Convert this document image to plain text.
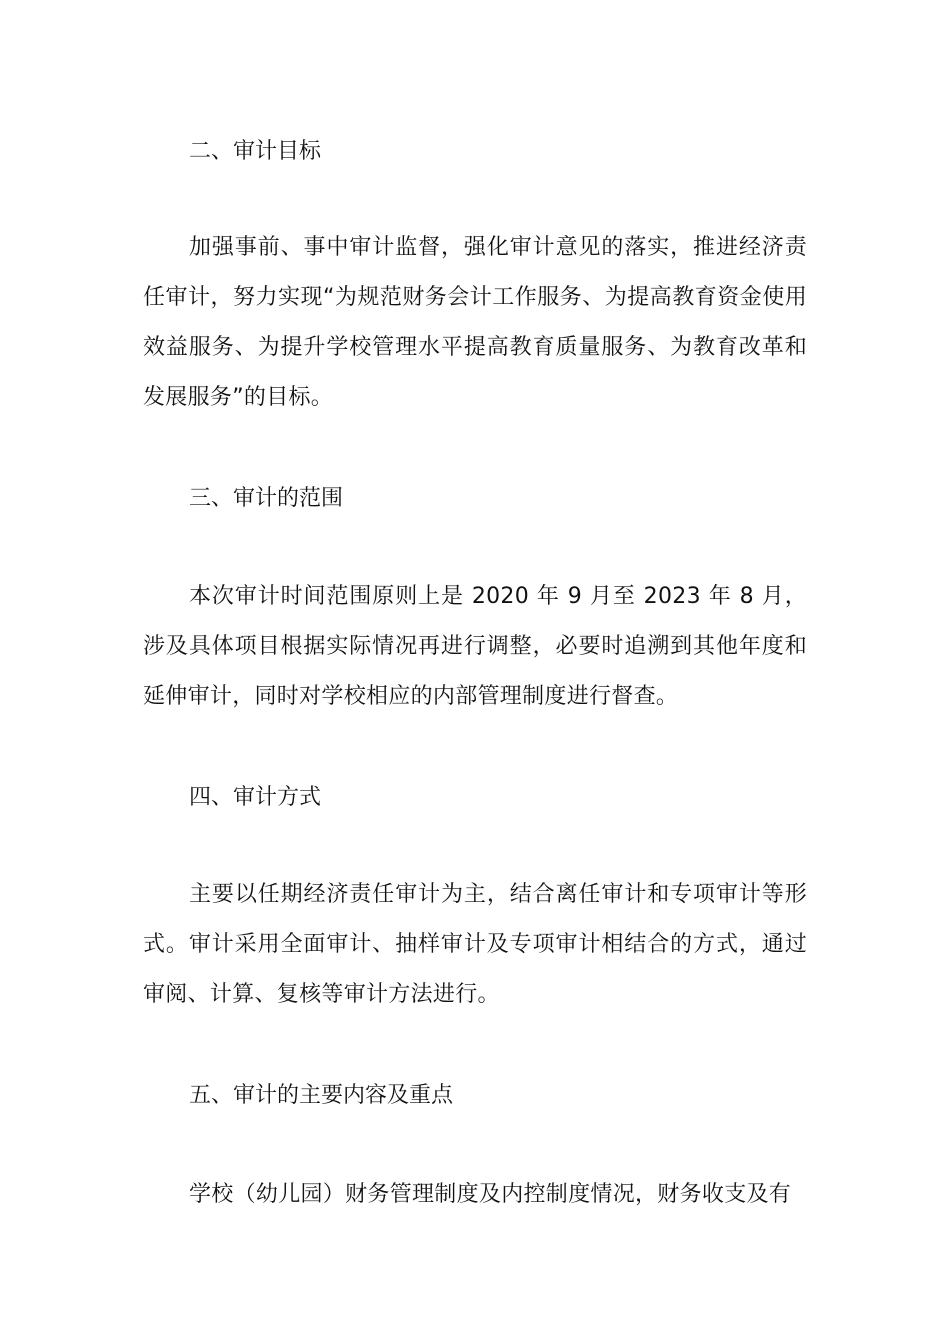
二、审计目标

加强事前、事中审计监督，强化审计意见的落实，推进经济责任审计，努力实现“为规范财务会计工作服务、为提高教育资金使用效益服务、为提升学校管理水平提高教育质量服务、为教育改革和发展服务”的目标。

三、审计的范围

本次审计时间范围原则上是 2020 年 9 月至 2023 年 8 月，涉及具体项目根据实际情况再进行调整，必要时追溯到其他年度和延伸审计，同时对学校相应的内部管理制度进行督查。

四、审计方式

主要以任期经济责任审计为主，结合离任审计和专项审计等形式。审计采用全面审计、抽样审计及专项审计相结合的方式，通过审阅、计算、复核等审计方法进行。

五、审计的主要内容及重点

学校（幼儿园）财务管理制度及内控制度情况，财务收支及有
